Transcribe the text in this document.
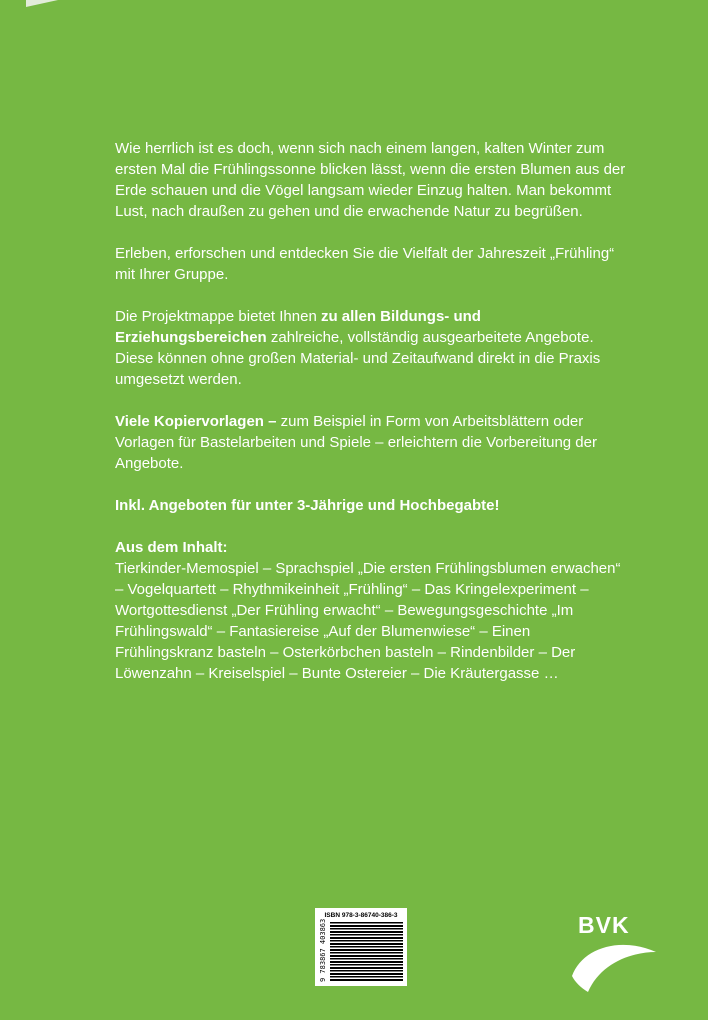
Wie herrlich ist es doch, wenn sich nach einem langen, kalten Winter zum ersten Mal die Frühlingssonne blicken lässt, wenn die ersten Blumen aus der Erde schauen und die Vögel langsam wieder Einzug halten. Man bekommt Lust, nach draußen zu gehen und die erwachende Natur zu begrüßen.

Erleben, erforschen und entdecken Sie die Vielfalt der Jahreszeit „Frühling“ mit Ihrer Gruppe.

Die Projektmappe bietet Ihnen zu allen Bildungs- und Erziehungsbereichen zahlreiche, vollständig ausgearbeitete Angebote. Diese können ohne großen Material- und Zeitaufwand direkt in die Praxis umgesetzt werden.

Viele Kopiervorlagen – zum Beispiel in Form von Arbeitsblättern oder Vorlagen für Bastelarbeiten und Spiele – erleichtern die Vorbereitung der Angebote.

Inkl. Angeboten für unter 3-Jährige und Hochbegabte!

Aus dem Inhalt:

Tierkinder-Memospiel – Sprachspiel „Die ersten Frühlingsblumen erwachen“ – Vogelquartett – Rhythmikeinheit „Frühling“ – Das Kringelexperiment – Wortgottesdienst „Der Frühling erwacht“ – Bewegungsgeschichte „Im Frühlingswald“ – Fantasiereise „Auf der Blumenwiese“ – Einen Frühlingskranz basteln – Osterkörbchen basteln – Rindenbilder – Der Löwenzahn – Kreiselspiel – Bunte Ostereier – Die Kräutergasse …

ISBN 978-3-86740-386-3
9 783867 403863	BVK
